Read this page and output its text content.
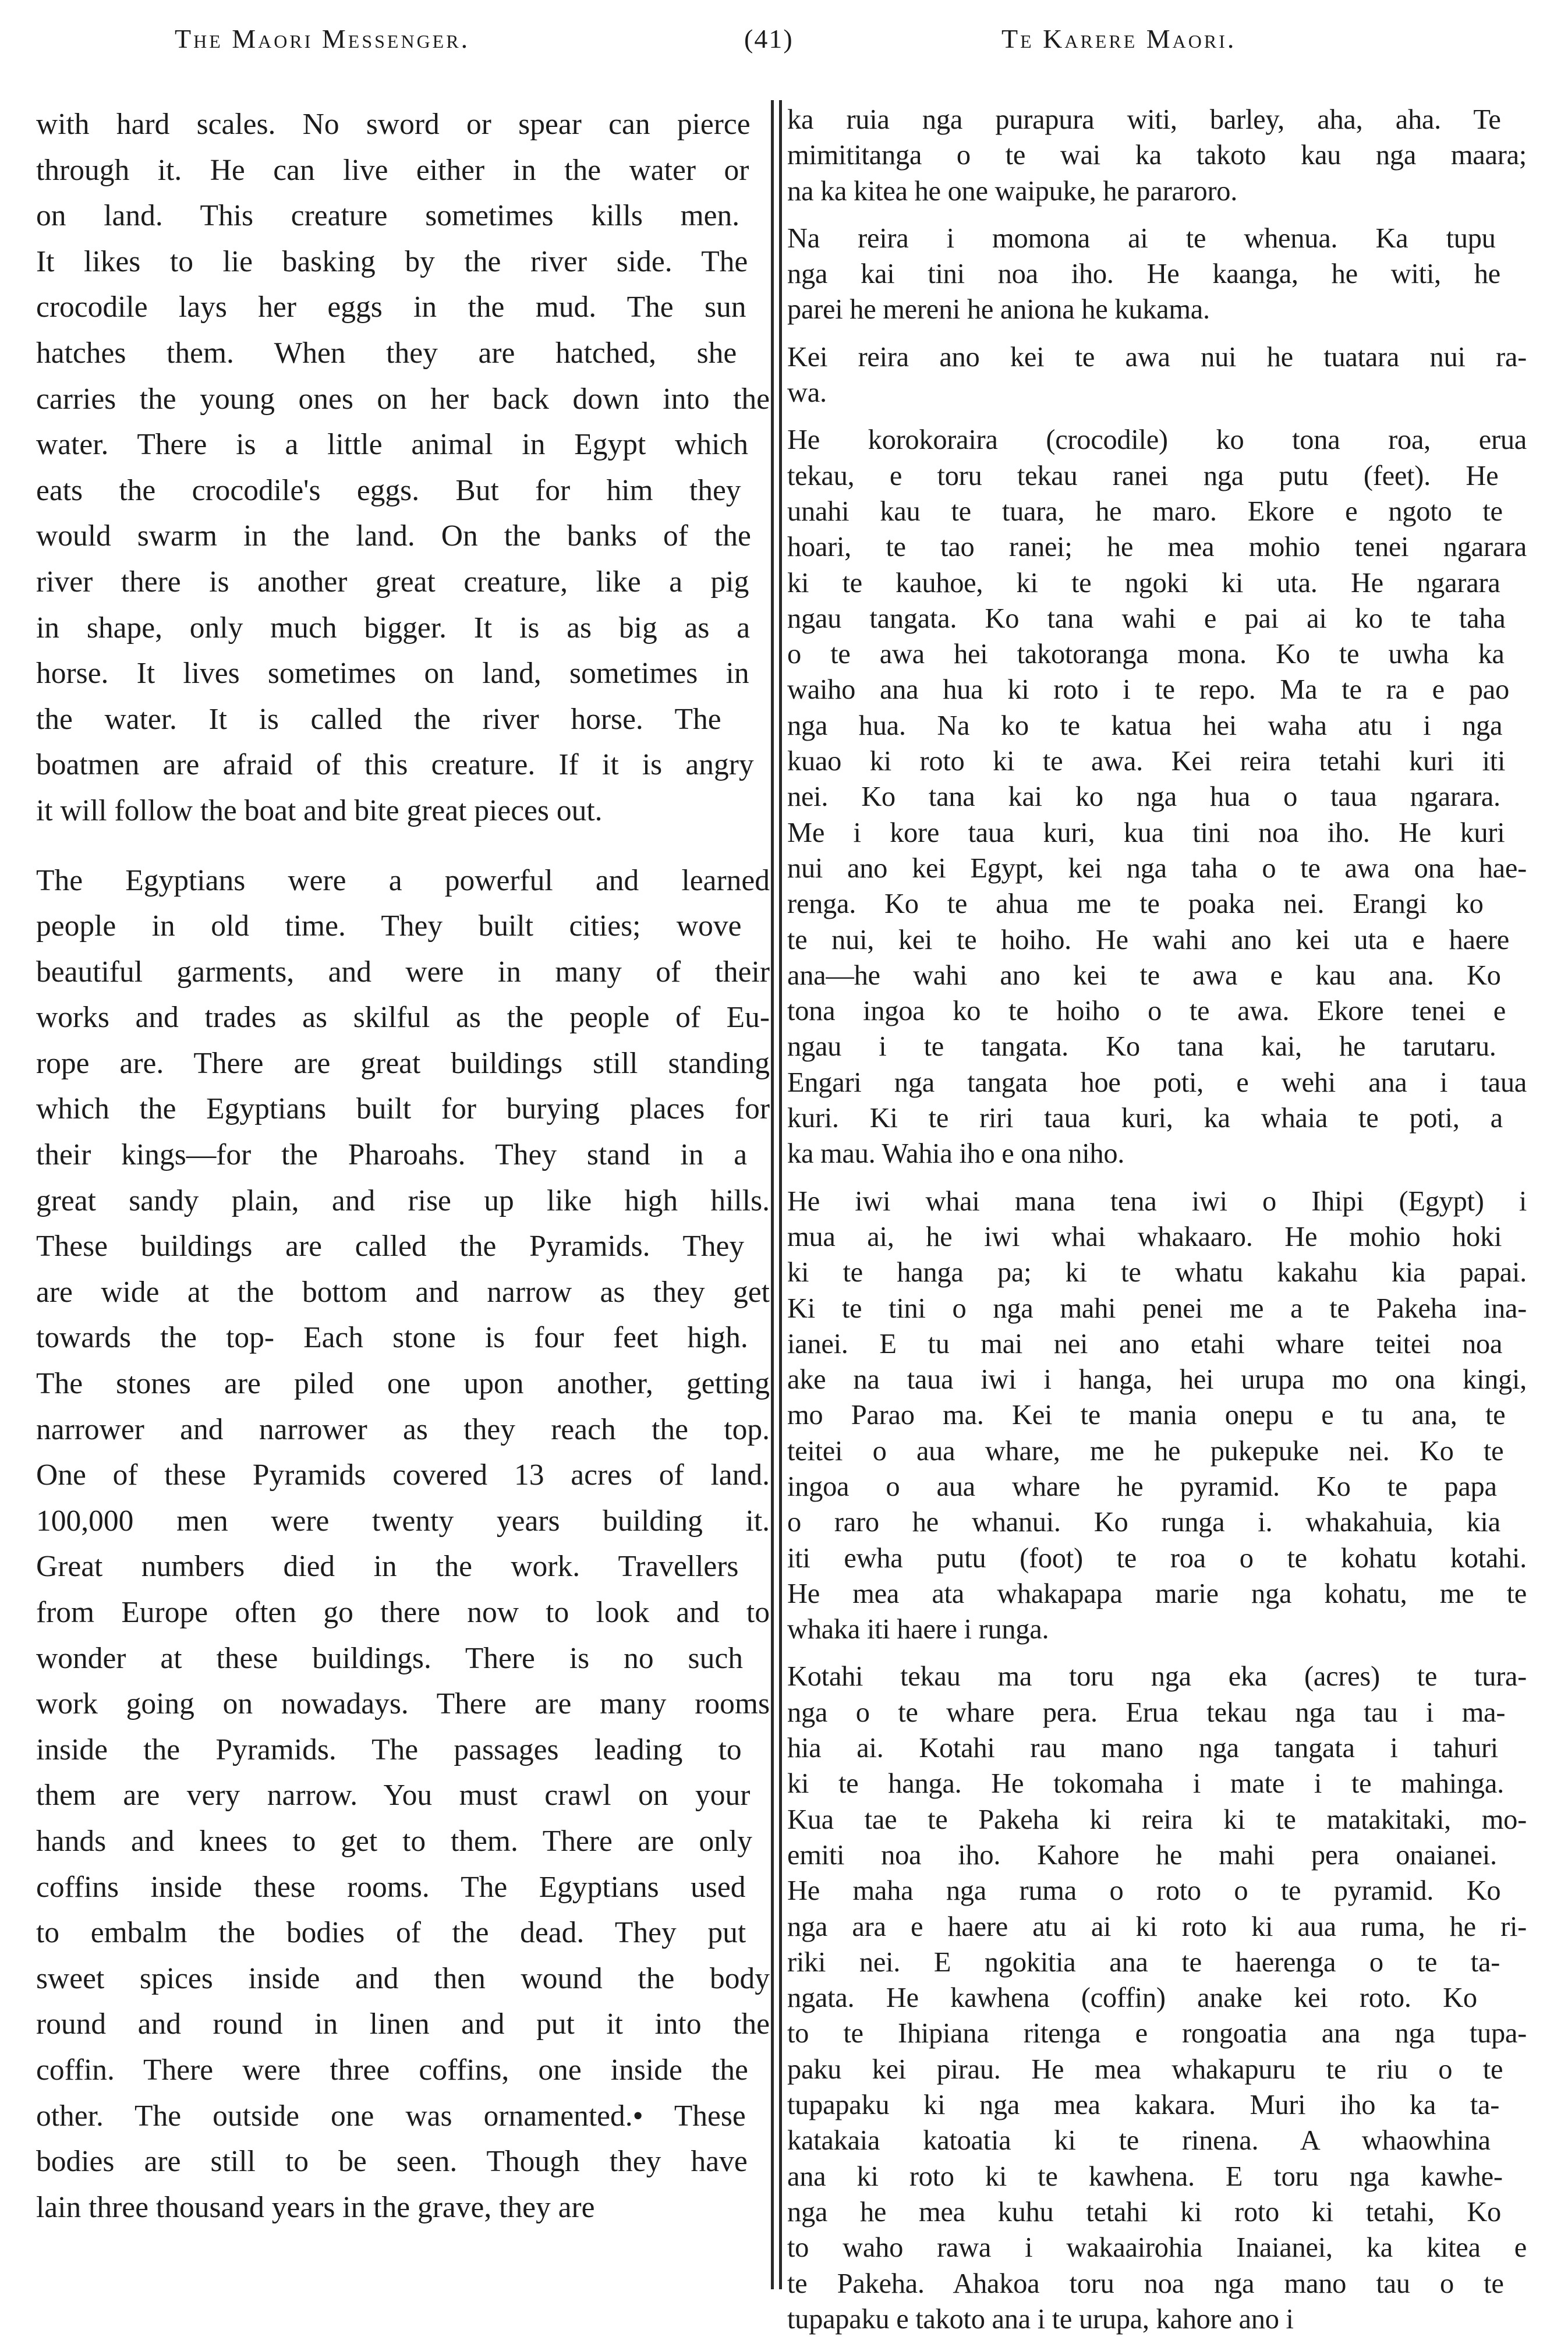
The Maori Messenger.	(41)	Te Karere Maori.

with hard scales. No sword or spear can pierce
through it. He can live either in the water or
on land. This creature sometimes kills men.
It likes to lie basking by the river side. The
crocodile lays her eggs in the mud. The sun
hatches them. When they are hatched, she
carries the young ones on her back down into the
water. There is a little animal in Egypt which
eats the crocodile's eggs. But for him they
would swarm in the land. On the banks of the
river there is another great creature, like a pig
in shape, only much bigger. It is as big as a
horse. It lives sometimes on land, sometimes in
the water. It is called the river horse. The
boatmen are afraid of this creature. If it is angry
it will follow the boat and bite great pieces out.

The Egyptians were a powerful and learned
people in old time. They built cities; wove
beautiful garments, and were in many of their
works and trades as skilful as the people of Eu-
rope are. There are great buildings still standing
which the Egyptians built for burying places for
their kings—for the Pharoahs. They stand in a
great sandy plain, and rise up like high hills.
These buildings are called the Pyramids. They
are wide at the bottom and narrow as they get
towards the top- Each stone is four feet high.
The stones are piled one upon another, getting
narrower and narrower as they reach the top.
One of these Pyramids covered 13 acres of land.
100,000 men were twenty years building it.
Great numbers died in the work. Travellers
from Europe often go there now to look and to
wonder at these buildings. There is no such
work going on nowadays. There are many rooms
inside the Pyramids. The passages leading to
them are very narrow. You must crawl on your
hands and knees to get to them. There are only
coffins inside these rooms. The Egyptians used
to embalm the bodies of the dead. They put
sweet spices inside and then wound the body
round and round in linen and put it into the
coffin. There were three coffins, one inside the
other. The outside one was ornamented.• These
bodies are still to be seen. Though they have
lain three thousand years in the grave, they are

ka ruia nga purapura witi, barley, aha, aha. Te
mimititanga o te wai ka takoto kau nga maara;
na ka kitea he one waipuke, he pararoro.

Na reira i momona ai te whenua. Ka tupu
nga kai tini noa iho. He kaanga, he witi, he
parei he mereni he aniona he kukama.

Kei reira ano kei te awa nui he tuatara nui ra-
wa.

He korokoraira (crocodile) ko tona roa, erua
tekau, e toru tekau ranei nga putu (feet). He
unahi kau te tuara, he maro. Ekore e ngoto te
hoari, te tao ranei; he mea mohio tenei ngarara
ki te kauhoe, ki te ngoki ki uta. He ngarara
ngau tangata. Ko tana wahi e pai ai ko te taha
o te awa hei takotoranga mona. Ko te uwha ka
waiho ana hua ki roto i te repo. Ma te ra e pao
nga hua. Na ko te katua hei waha atu i nga
kuao ki roto ki te awa. Kei reira tetahi kuri iti
nei. Ko tana kai ko nga hua o taua ngarara.
Me i kore taua kuri, kua tini noa iho. He kuri
nui ano kei Egypt, kei nga taha o te awa ona hae-
renga. Ko te ahua me te poaka nei. Erangi ko
te nui, kei te hoiho. He wahi ano kei uta e haere
ana—he wahi ano kei te awa e kau ana. Ko
tona ingoa ko te hoiho o te awa. Ekore tenei e
ngau i te tangata. Ko tana kai, he tarutaru.
Engari nga tangata hoe poti, e wehi ana i taua
kuri. Ki te riri taua kuri, ka whaia te poti, a
ka mau. Wahia iho e ona niho.

He iwi whai mana tena iwi o Ihipi (Egypt) i
mua ai, he iwi whai whakaaro. He mohio hoki
ki te hanga pa; ki te whatu kakahu kia papai.
Ki te tini o nga mahi penei me a te Pakeha ina-
ianei. E tu mai nei ano etahi whare teitei noa
ake na taua iwi i hanga, hei urupa mo ona kingi,
mo Parao ma. Kei te mania onepu e tu ana, te
teitei o aua whare, me he pukepuke nei. Ko te
ingoa o aua whare he pyramid. Ko te papa
o raro he whanui. Ko runga i. whakahuia, kia
iti ewha putu (foot) te roa o te kohatu kotahi.
He mea ata whakapapa marie nga kohatu, me te
whaka iti haere i runga.

Kotahi tekau ma toru nga eka (acres) te tura-
nga o te whare pera. Erua tekau nga tau i ma-
hia ai. Kotahi rau mano nga tangata i tahuri
ki te hanga. He tokomaha i mate i te mahinga.
Kua tae te Pakeha ki reira ki te matakitaki, mo-
emiti noa iho. Kahore he mahi pera onaianei.
He maha nga ruma o roto o te pyramid. Ko
nga ara e haere atu ai ki roto ki aua ruma, he ri-
riki nei. E ngokitia ana te haerenga o te ta-
ngata. He kawhena (coffin) anake kei roto. Ko
to te Ihipiana ritenga e rongoatia ana nga tupa-
paku kei pirau. He mea whakapuru te riu o te
tupapaku ki nga mea kakara. Muri iho ka ta-
katakaia katoatia ki te rinena. A whaowhina
ana ki roto ki te kawhena. E toru nga kawhe-
nga he mea kuhu tetahi ki roto ki tetahi, Ko
to waho rawa i wakaairohia Inaianei, ka kitea e
te Pakeha. Ahakoa toru noa nga mano tau o te
tupapaku e takoto ana i te urupa, kahore ano i
